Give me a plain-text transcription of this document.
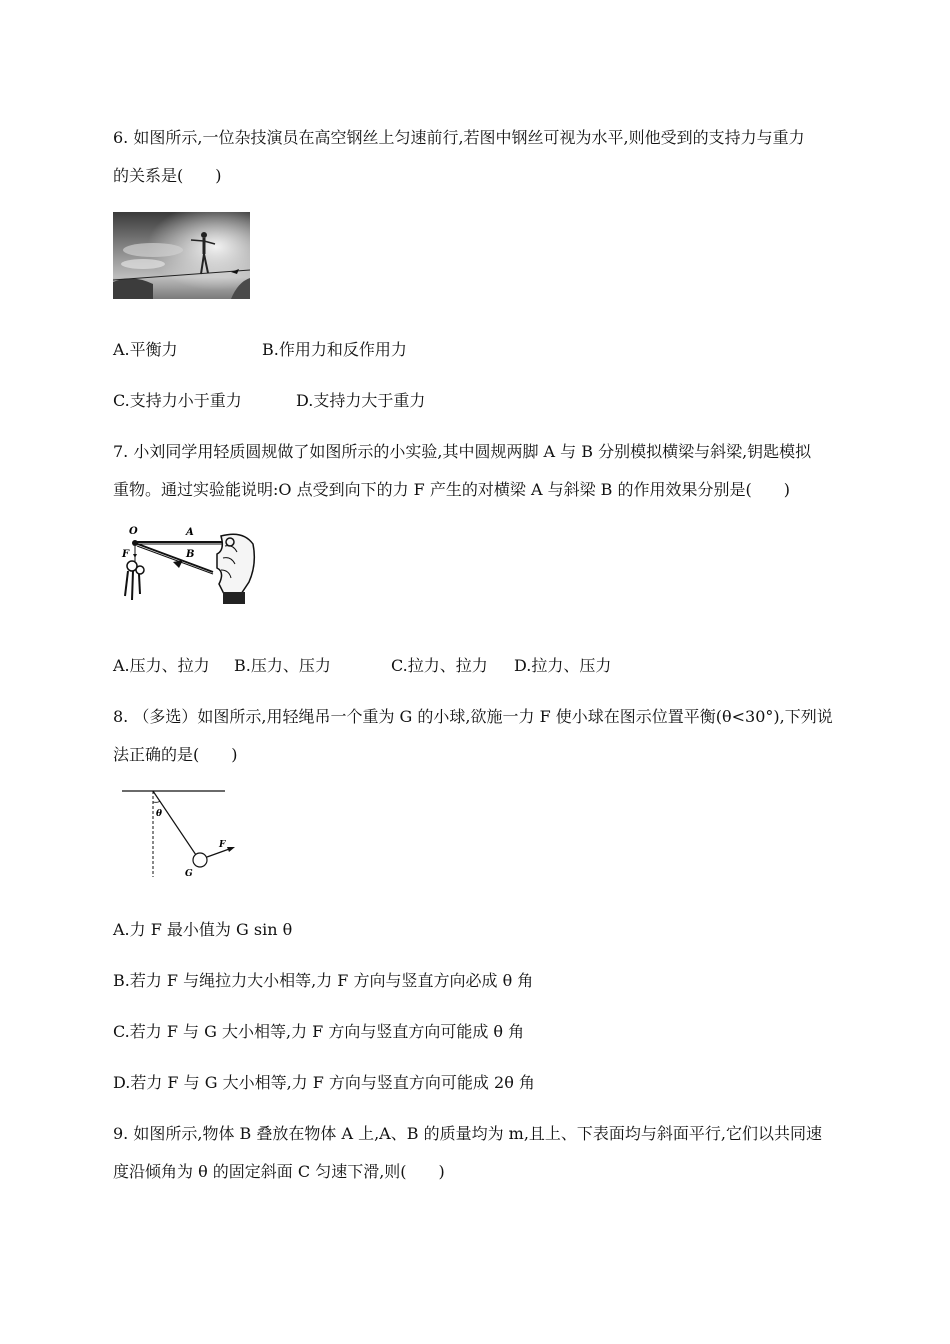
6. 如图所示,一位杂技演员在高空钢丝上匀速前行,若图中钢丝可视为水平,则他受到的支持力与重力
的关系是(　　)
A.平衡力	B.作用力和反作用力
C.支持力小于重力	D.支持力大于重力
7. 小刘同学用轻质圆规做了如图所示的小实验,其中圆规两脚 A 与 B 分别模拟横梁与斜梁,钥匙模拟
重物。通过实验能说明:O 点受到向下的力 F 产生的对横梁 A 与斜梁 B 的作用效果分别是(　　)
O	A
B
F
A.压力、拉力 B.压力、压力	C.拉力、拉力 D.拉力、压力
8. （多选）如图所示,用轻绳吊一个重为 G 的小球,欲施一力 F 使小球在图示位置平衡(θ<30°),下列说
法正确的是(　　)
θ
F
G
A.力 F 最小值为 G sin θ
B.若力 F 与绳拉力大小相等,力 F 方向与竖直方向必成 θ 角
C.若力 F 与 G 大小相等,力 F 方向与竖直方向可能成 θ 角
D.若力 F 与 G 大小相等,力 F 方向与竖直方向可能成 2θ 角
9. 如图所示,物体 B 叠放在物体 A 上,A、B 的质量均为 m,且上、下表面均与斜面平行,它们以共同速
度沿倾角为 θ 的固定斜面 C 匀速下滑,则(　　)
